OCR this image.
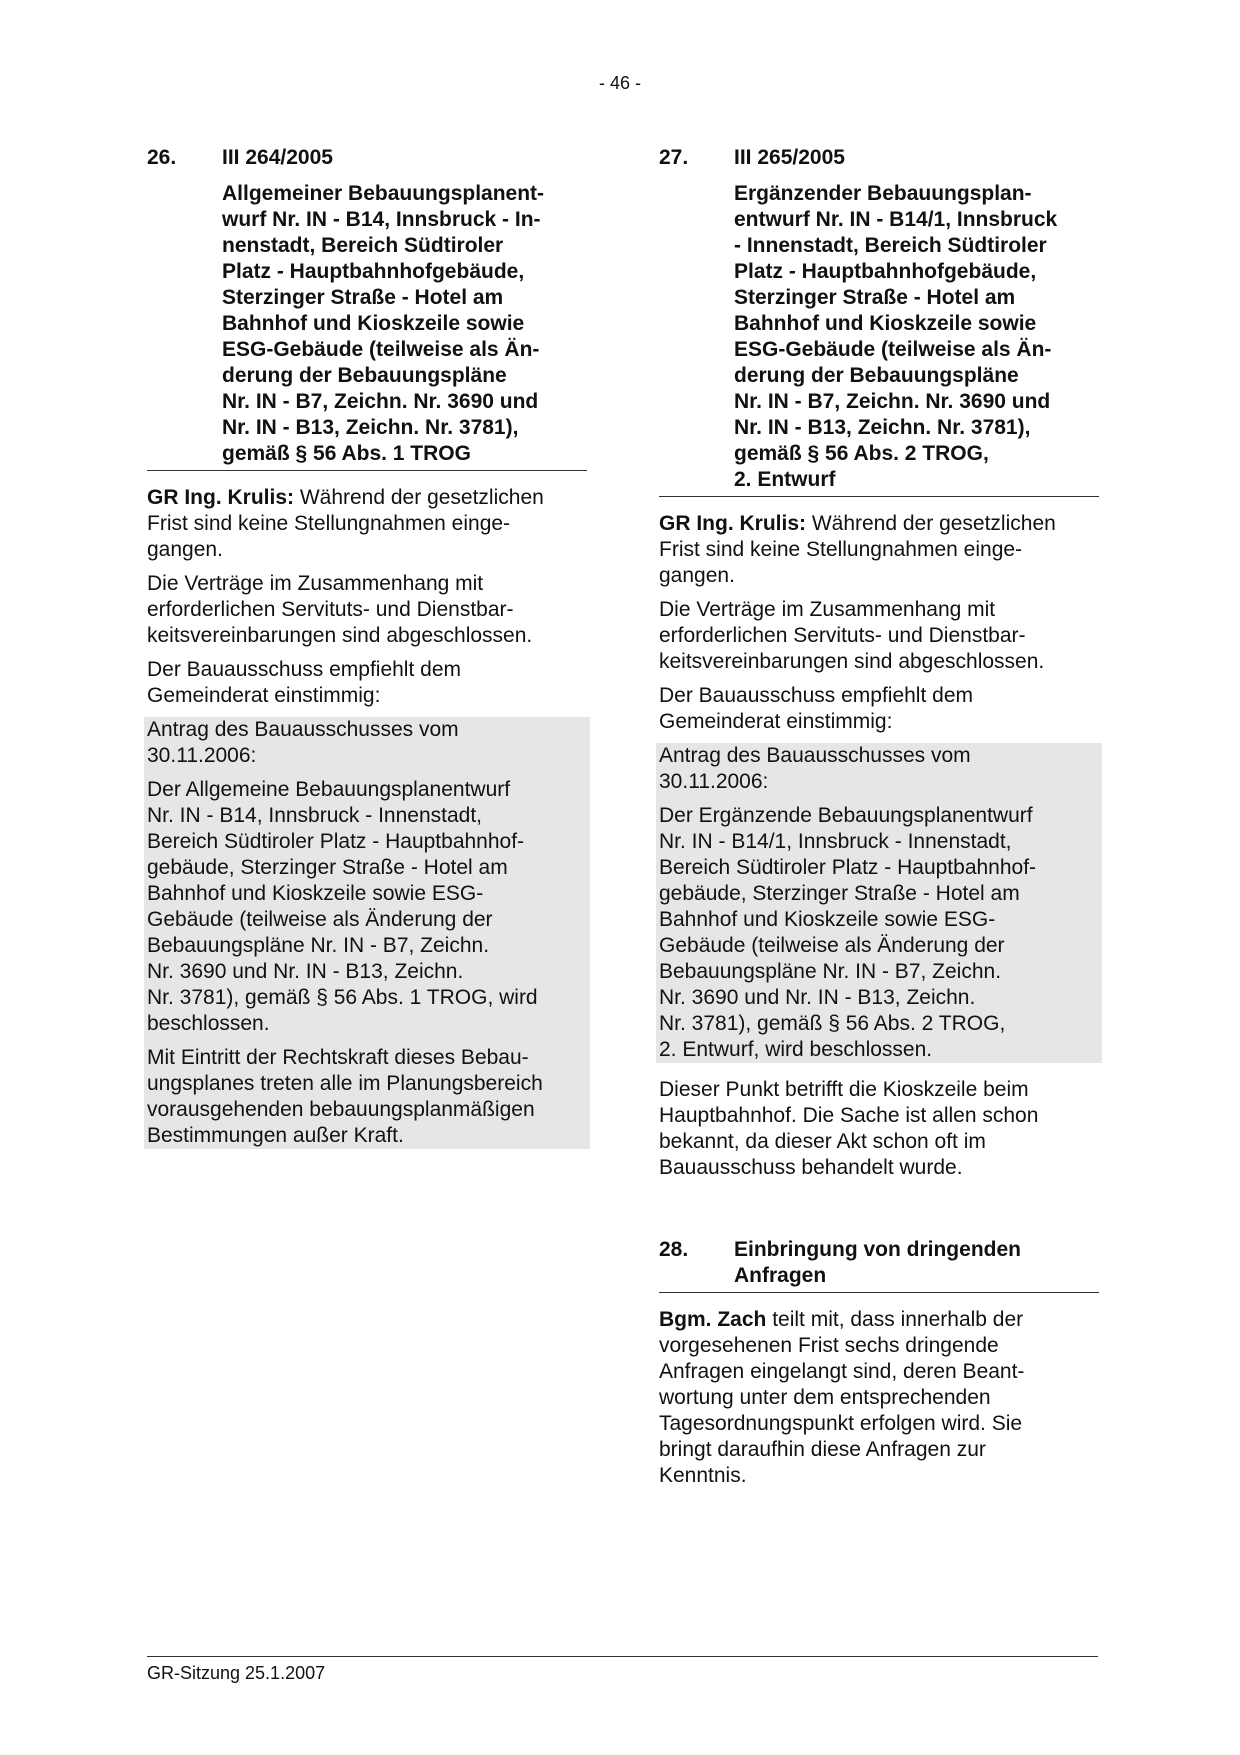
- 46 -
26. III 264/2005

Allgemeiner Bebauungsplanent-
wurf Nr. IN - B14, Innsbruck - In-
nenstadt, Bereich Südtiroler
Platz - Hauptbahnhofgebäude,
Sterzinger Straße - Hotel am
Bahnhof und Kioskzeile sowie
ESG-Gebäude (teilweise als Än-
derung der Bebauungspläne
Nr. IN - B7, Zeichn. Nr. 3690 und
Nr. IN - B13, Zeichn. Nr. 3781),
gemäß § 56 Abs. 1 TROG

GR Ing. Krulis: Während der gesetzlichen
Frist sind keine Stellungnahmen einge-
gangen.

Die Verträge im Zusammenhang mit
erforderlichen Servituts- und Dienstbar-
keitsvereinbarungen sind abgeschlossen.

Der Bauausschuss empfiehlt dem
Gemeinderat einstimmig:

Antrag des Bauausschusses vom
30.11.2006:

Der Allgemeine Bebauungsplanentwurf
Nr. IN - B14, Innsbruck - Innenstadt,
Bereich Südtiroler Platz - Hauptbahnhof-
gebäude, Sterzinger Straße - Hotel am
Bahnhof und Kioskzeile sowie ESG-
Gebäude (teilweise als Änderung der
Bebauungspläne Nr. IN - B7, Zeichn.
Nr. 3690 und Nr. IN - B13, Zeichn.
Nr. 3781), gemäß § 56 Abs. 1 TROG, wird
beschlossen.

Mit Eintritt der Rechtskraft dieses Bebau-
ungsplanes treten alle im Planungsbereich
vorausgehenden bebauungsplanmäßigen
Bestimmungen außer Kraft.

27. III 265/2005

Ergänzender Bebauungsplan-
entwurf Nr. IN - B14/1, Innsbruck
- Innenstadt, Bereich Südtiroler
Platz - Hauptbahnhofgebäude,
Sterzinger Straße - Hotel am
Bahnhof und Kioskzeile sowie
ESG-Gebäude (teilweise als Än-
derung der Bebauungspläne
Nr. IN - B7, Zeichn. Nr. 3690 und
Nr. IN - B13, Zeichn. Nr. 3781),
gemäß § 56 Abs. 2 TROG,
2. Entwurf

GR Ing. Krulis: Während der gesetzlichen
Frist sind keine Stellungnahmen einge-
gangen.

Die Verträge im Zusammenhang mit
erforderlichen Servituts- und Dienstbar-
keitsvereinbarungen sind abgeschlossen.

Der Bauausschuss empfiehlt dem
Gemeinderat einstimmig:

Antrag des Bauausschusses vom
30.11.2006:

Der Ergänzende Bebauungsplanentwurf
Nr. IN - B14/1, Innsbruck - Innenstadt,
Bereich Südtiroler Platz - Hauptbahnhof-
gebäude, Sterzinger Straße - Hotel am
Bahnhof und Kioskzeile sowie ESG-
Gebäude (teilweise als Änderung der
Bebauungspläne Nr. IN - B7, Zeichn.
Nr. 3690 und Nr. IN - B13, Zeichn.
Nr. 3781), gemäß § 56 Abs. 2 TROG,
2. Entwurf, wird beschlossen.

Dieser Punkt betrifft die Kioskzeile beim
Hauptbahnhof. Die Sache ist allen schon
bekannt, da dieser Akt schon oft im
Bauausschuss behandelt wurde.

28. Einbringung von dringenden
Anfragen

Bgm. Zach teilt mit, dass innerhalb der
vorgesehenen Frist sechs dringende
Anfragen eingelangt sind, deren Beant-
wortung unter dem entsprechenden
Tagesordnungspunkt erfolgen wird. Sie
bringt daraufhin diese Anfragen zur
Kenntnis.

GR-Sitzung 25.1.2007
